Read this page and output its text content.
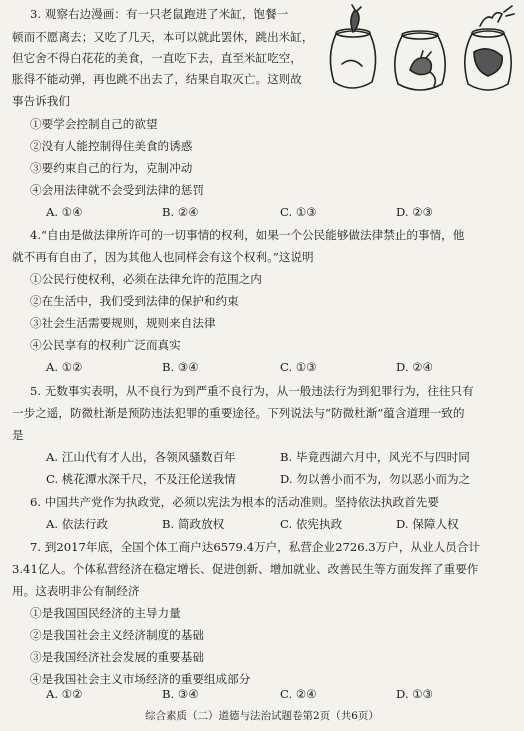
3. 观察右边漫画：有一只老鼠跑进了米缸，饱餐一
顿而不愿离去；又吃了几天，本可以就此罢休，跳出米缸，
但它舍不得白花花的美食，一直吃下去，直至米缸吃空，
胀得不能动弹，再也跳不出去了，结果自取灭亡。这则故
事告诉我们
①要学会控制自己的欲望
②没有人能控制得住美食的诱惑
③要约束自己的行为，克制冲动
④会用法律就不会受到法律的惩罚
A. ①④	B. ②④	C. ①③	D. ②③
4.“自由是做法律所许可的一切事情的权利，如果一个公民能够做法律禁止的事情，他
就不再有自由了，因为其他人也同样会有这个权利。”这说明
①公民行使权利，必须在法律允许的范围之内
②在生活中，我们受到法律的保护和约束
③社会生活需要规则，规则来自法律
④公民享有的权利广泛而真实
A. ①②	B. ③④	C. ①③	D. ②④
5. 无数事实表明，从不良行为到严重不良行为，从一般违法行为到犯罪行为，往往只有
一步之遥，防微杜渐是预防违法犯罪的重要途径。下列说法与“防微杜渐”蕴含道理一致的
是
A. 江山代有才人出，各领风骚数百年	B. 毕竟西湖六月中，风光不与四时同
C. 桃花潭水深千尺，不及汪伦送我情	D. 勿以善小而不为，勿以恶小而为之
6. 中国共产党作为执政党，必须以宪法为根本的活动准则。坚持依法执政首先要
A. 依法行政	B. 简政放权	C. 依宪执政	D. 保障人权
7. 到2017年底，全国个体工商户达6579.4万户，私营企业2726.3万户，从业人员合计
3.41亿人。个体私营经济在稳定增长、促进创新、增加就业、改善民生等方面发挥了重要作
用。这表明非公有制经济
①是我国国民经济的主导力量
②是我国社会主义经济制度的基础
③是我国经济社会发展的重要基础
④是我国社会主义市场经济的重要组成部分
A. ①②	B. ③④	C. ②④	D. ①③
综合素质（二）道德与法治试题卷第2页（共6页）
